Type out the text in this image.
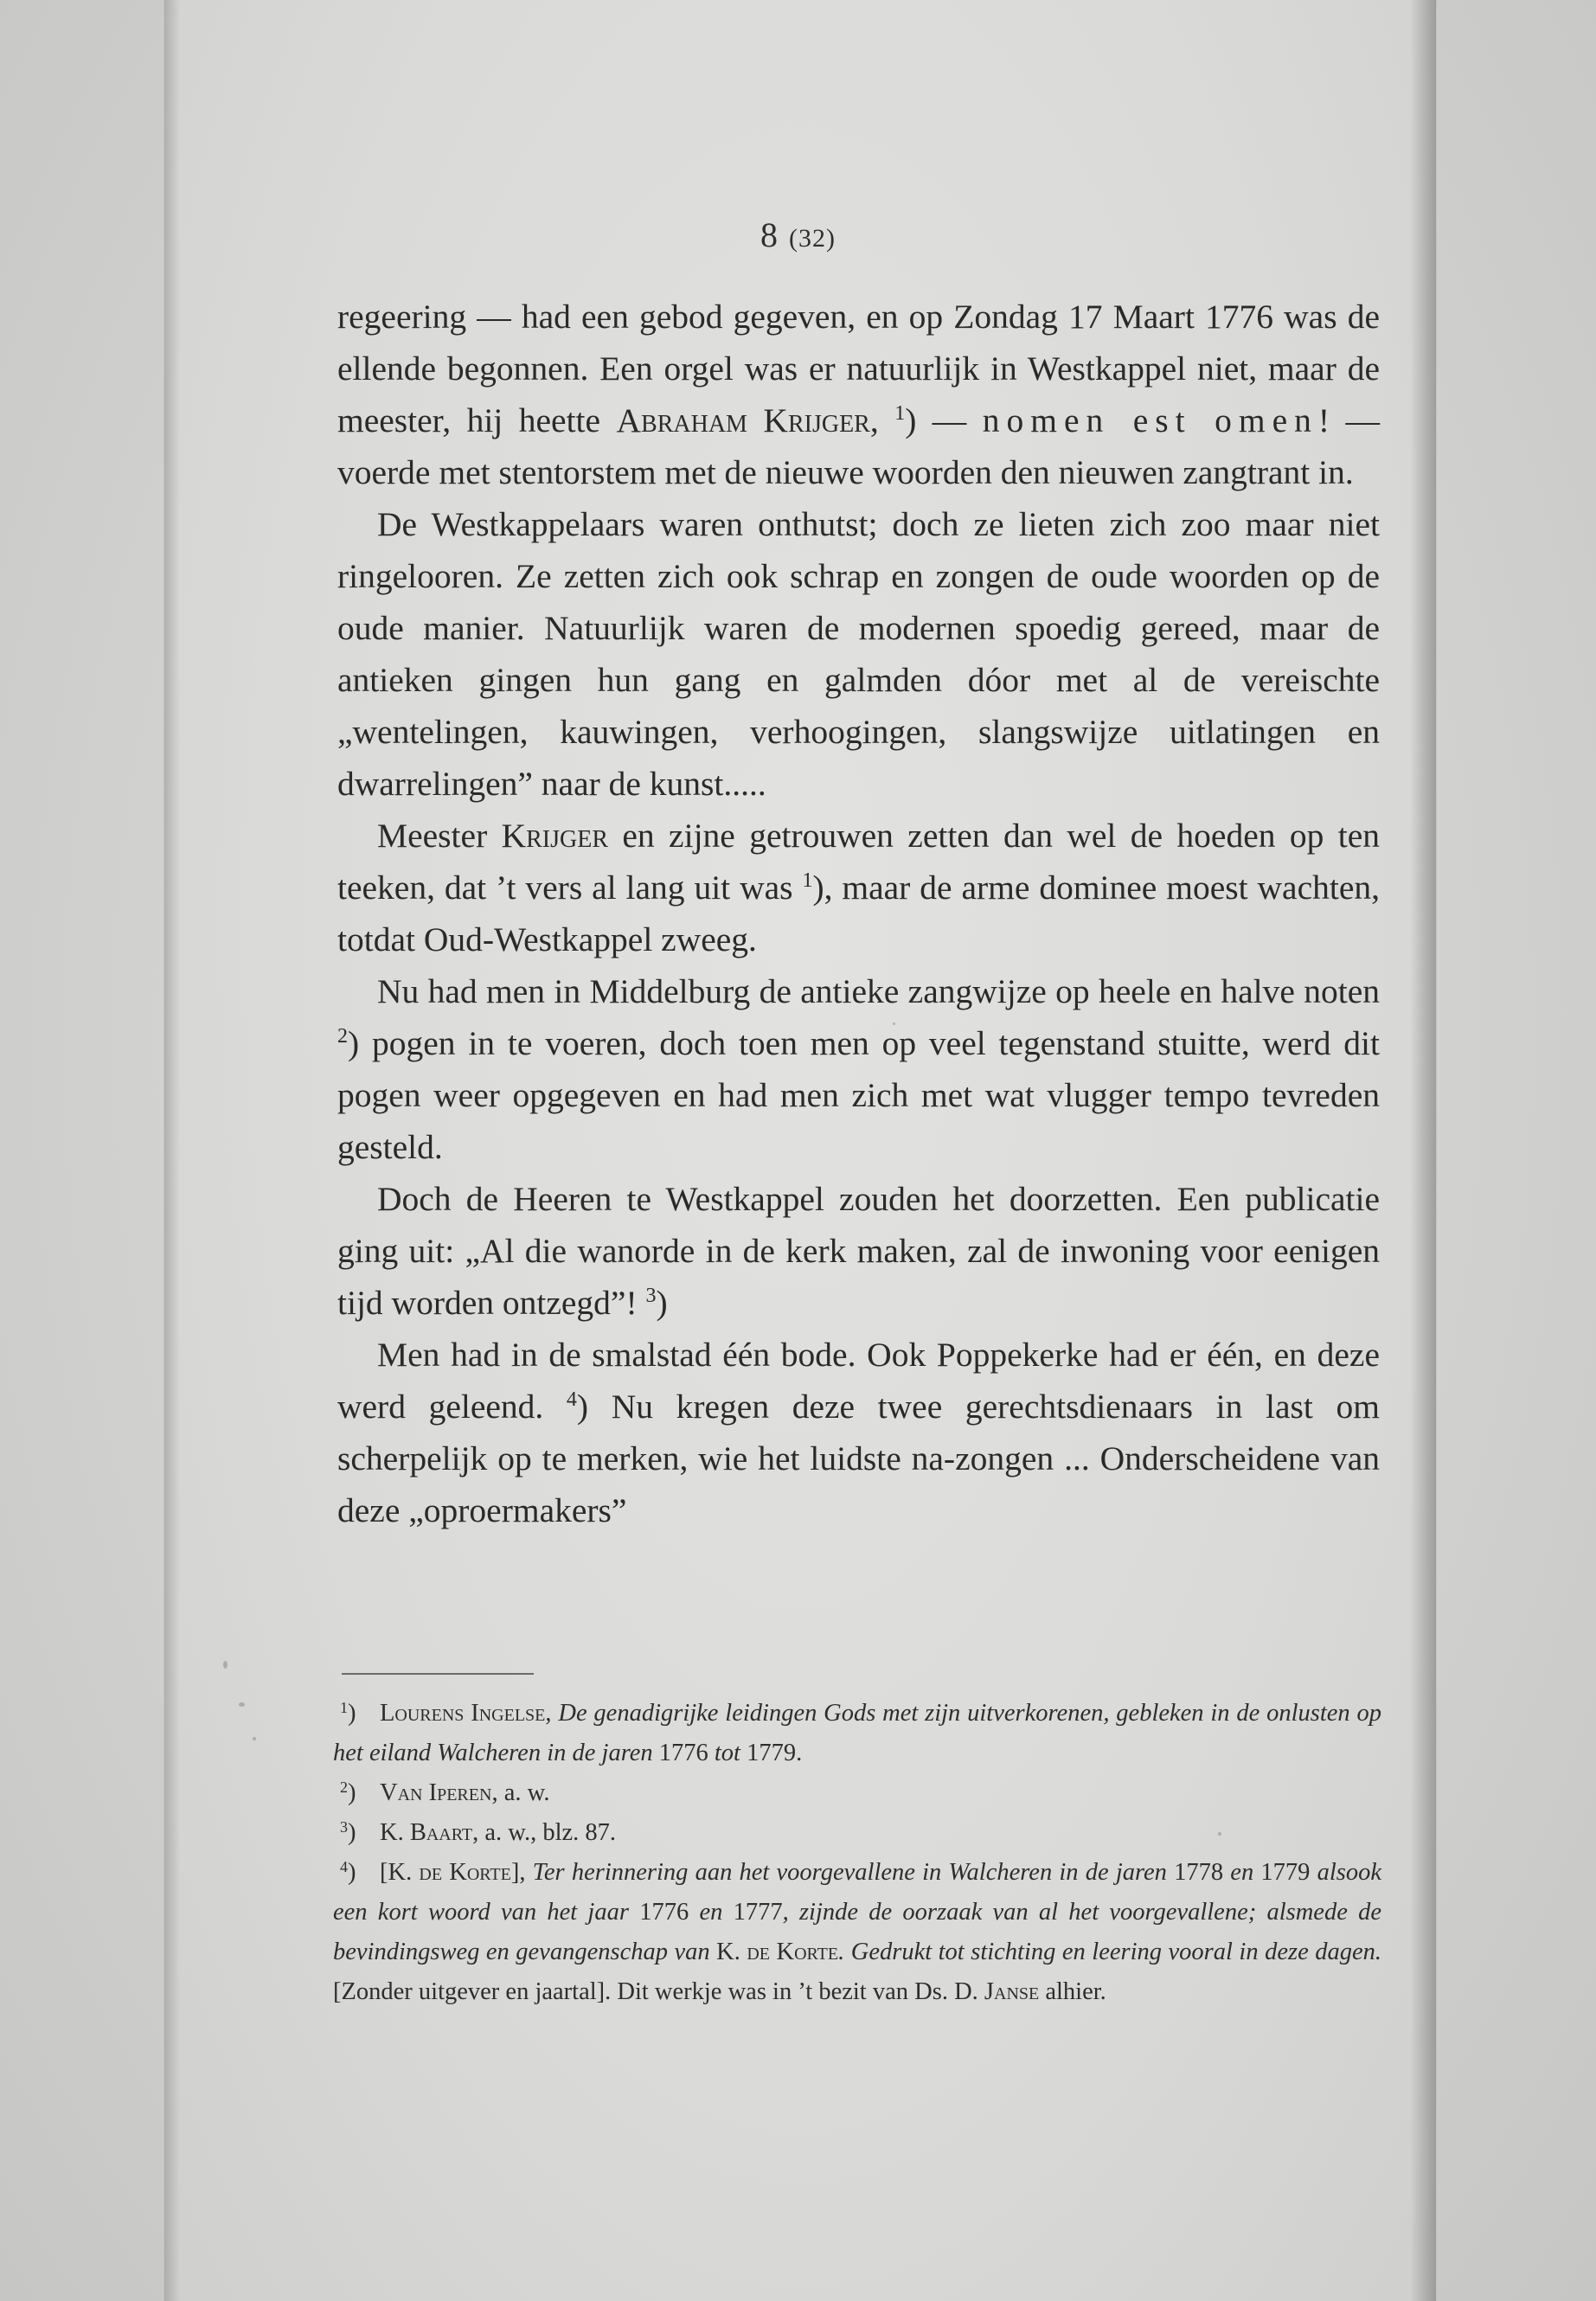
8 (32)

regeering — had een gebod gegeven, en op Zondag 17 Maart 1776 was de ellende begonnen. Een orgel was er natuurlijk in Westkappel niet, maar de meester, hij heette Abraham Krijger, $^1$) — nomen est omen! — voerde met stentorstem met de nieuwe woorden den nieuwen zangtrant in.

De Westkappelaars waren onthutst; doch ze lieten zich zoo maar niet ringelooren. Ze zetten zich ook schrap en zongen de oude woorden op de oude manier. Natuurlijk waren de modernen spoedig gereed, maar de antieken gingen hun gang en galmden dóor met al de vereischte „wentelingen, kauwingen, verhoogingen, slangswijze uitlatingen en dwarrelingen” naar de kunst.....

Meester Krijger en zijne getrouwen zetten dan wel de hoeden op ten teeken, dat ’t vers al lang uit was $^1$), maar de arme dominee moest wachten, totdat Oud-Westkappel zweeg.

Nu had men in Middelburg de antieke zangwijze op heele en halve noten $^2$) pogen in te voeren, doch toen men op veel tegenstand stuitte, werd dit pogen weer opgegeven en had men zich met wat vlugger tempo tevreden gesteld.

Doch de Heeren te Westkappel zouden het doorzetten. Een publicatie ging uit: „Al die wanorde in de kerk maken, zal de inwoning voor eenigen tijd worden ontzegd”! $^3$)

Men had in de smalstad één bode. Ook Poppekerke had er één, en deze werd geleend. $^4$) Nu kregen deze twee gerechtsdienaars in last om scherpelijk op te merken, wie het luidste na-zongen ... Onderscheidene van deze „oproermakers”

$^1$) Lourens Ingelse, De genadigrijke leidingen Gods met zijn uitverkorenen, gebleken in de onlusten op het eiland Walcheren in de jaren 1776 tot 1779.

$^2$) Van Iperen, a. w.

$^3$) K. Baart, a. w., blz. 87.

$^4$) [K. de Korte], Ter herinnering aan het voorgevallene in Walcheren in de jaren 1778 en 1779 alsook een kort woord van het jaar 1776 en 1777, zijnde de oorzaak van al het voorgevallene; alsmede de bevindingsweg en gevangenschap van K. de Korte. Gedrukt tot stichting en leering vooral in deze dagen. [Zonder uitgever en jaartal]. Dit werkje was in ’t bezit van Ds. D. Janse alhier.
